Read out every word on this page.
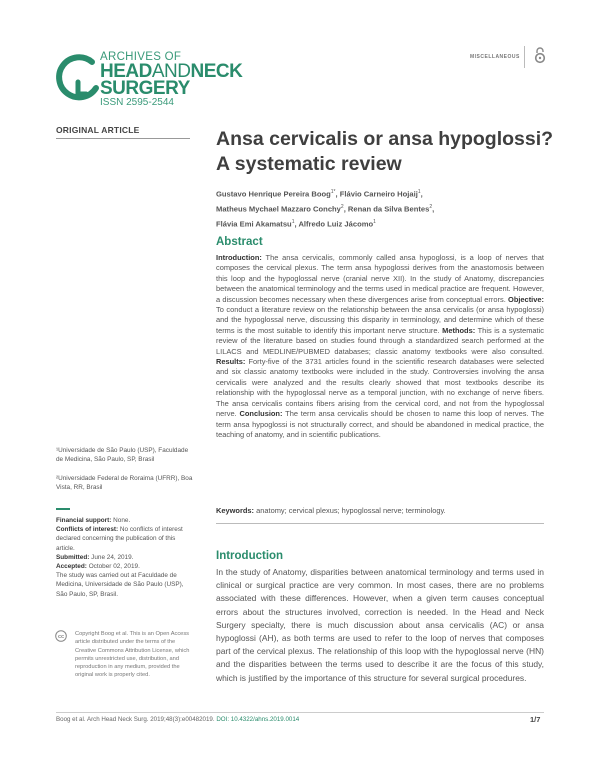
ARCHIVES OF
HEADANDNECK
SURGERY
ISSN 2595-2544
MISCELLANEOUS
ORIGINAL ARTICLE
¹Universidade de São Paulo (USP), Faculdade de Medicina, São Paulo, SP, Brasil
²Universidade Federal de Roraima (UFRR), Boa Vista, RR, Brasil
Financial support: None.
Conflicts of interest: No conflicts of interest declared concerning the publication of this article.
Submitted: June 24, 2019.
Accepted: October 02, 2019.
The study was carried out at Faculdade de Medicina, Universidade de São Paulo (USP), São Paulo, SP, Brasil.
cc
Copyright Boog et al. This is an Open Access article distributed under the terms of the Creative Commons Attribution License, which permits unrestricted use, distribution, and reproduction in any medium, provided the original work is properly cited.
Ansa cervicalis or ansa hypoglossi? A systematic review
Gustavo Henrique Pereira Boog$^{1*}$, Flávio Carneiro Hojaij$^1$,
Matheus Mychael Mazzaro Conchy$^2$, Renan da Silva Bentes$^2$,
Flávia Emi Akamatsu$^1$, Alfredo Luiz Jácomo$^1$
Abstract
Introduction: The ansa cervicalis, commonly called ansa hypoglossi, is a loop of nerves that composes the cervical plexus. The term ansa hypoglossi derives from the anastomosis between this loop and the hypoglossal nerve (cranial nerve XII). In the study of Anatomy, discrepancies between the anatomical terminology and the terms used in medical practice are frequent. However, a discussion becomes necessary when these divergences arise from conceptual errors. Objective: To conduct a literature review on the relationship between the ansa cervicalis (or ansa hypoglossi) and the hypoglossal nerve, discussing this disparity in terminology, and determine which of these terms is the most suitable to identify this important nerve structure. Methods: This is a systematic review of the literature based on studies found through a standardized search performed at the LILACS and MEDLINE/PUBMED databases; classic anatomy textbooks were also consulted. Results: Forty-five of the 3731 articles found in the scientific research databases were selected and six classic anatomy textbooks were included in the study. Controversies involving the ansa cervicalis were analyzed and the results clearly showed that most textbooks describe its relationship with the hypoglossal nerve as a temporal junction, with no exchange of nerve fibers. The ansa cervicalis contains fibers arising from the cervical cord, and not from the hypoglossal nerve. Conclusion: The term ansa cervicalis should be chosen to name this loop of nerves. The term ansa hypoglossi is not structurally correct, and should be abandoned in medical practice, the teaching of anatomy, and in scientific publications.
Keywords: anatomy; cervical plexus; hypoglossal nerve; terminology.
Introduction
In the study of Anatomy, disparities between anatomical terminology and terms used in clinical or surgical practice are very common. In most cases, there are no problems associated with these differences. However, when a given term causes conceptual errors about the structures involved, correction is needed. In the Head and Neck Surgery specialty, there is much discussion about ansa cervicalis (AC) or ansa hypoglossi (AH), as both terms are used to refer to the loop of nerves that composes part of the cervical plexus. The relationship of this loop with the hypoglossal nerve (HN) and the disparities between the terms used to describe it are the focus of this study, which is justified by the importance of this structure for several surgical procedures.
Boog et al. Arch Head Neck Surg. 2019;48(3):e00482019. DOI: 10.4322/ahns.2019.0014	1/7
